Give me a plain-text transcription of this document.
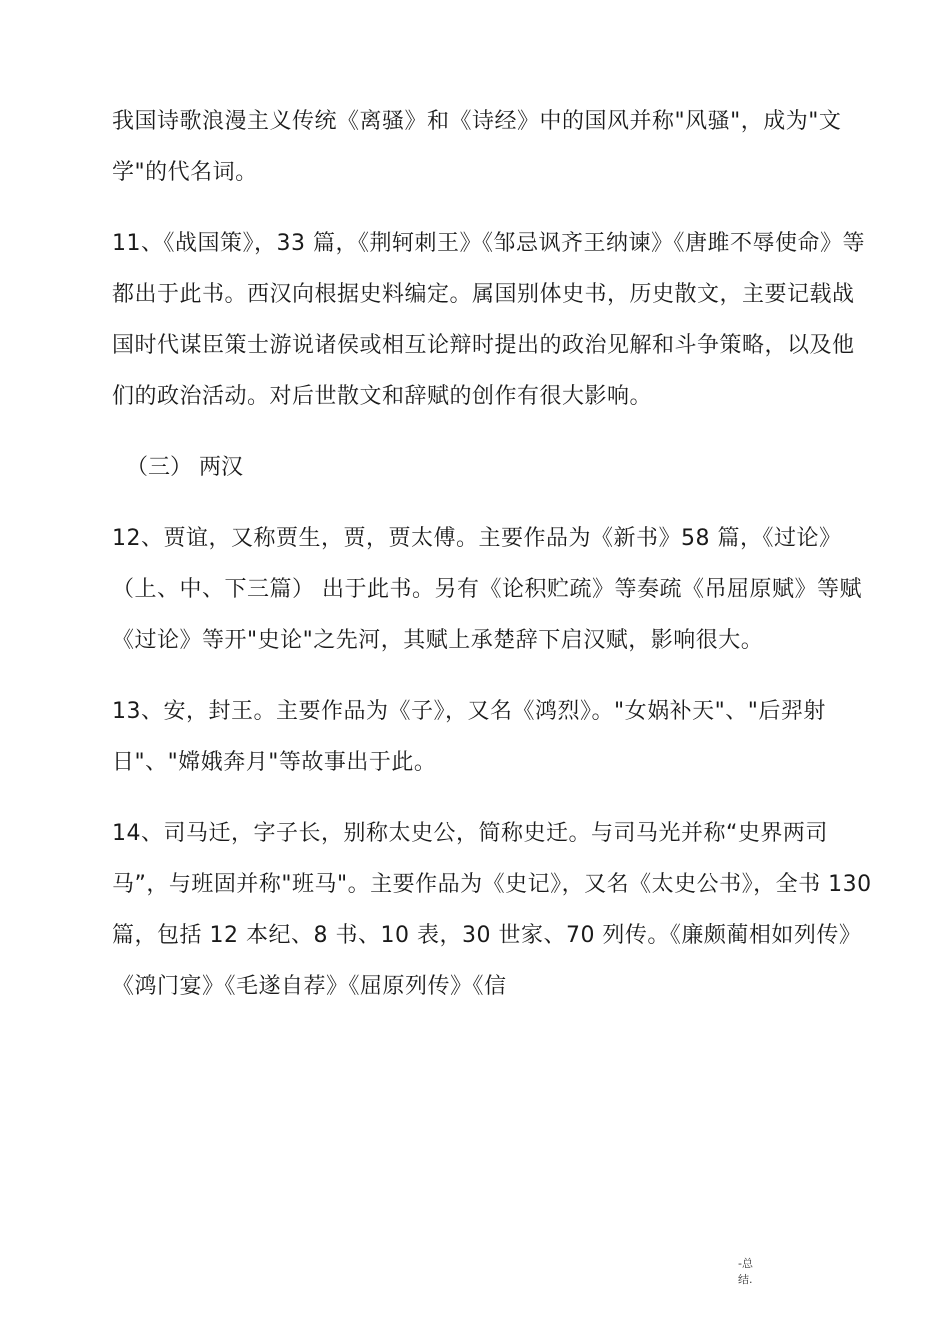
我国诗歌浪漫主义传统《离骚》和《诗经》中的国风并称"风骚"，成为"文学"的代名词。

11、《战国策》，33 篇，《荆轲刺王》《邹忌讽齐王纳谏》《唐雎不辱使命》等都出于此书。西汉向根据史料编定。属国别体史书，历史散文，主要记载战国时代谋臣策士游说诸侯或相互论辩时提出的政治见解和斗争策略，以及他们的政治活动。对后世散文和辞赋的创作有很大影响。

（三） 两汉

12、贾谊，又称贾生，贾，贾太傅。主要作品为《新书》58 篇，《过论》（上、中、下三篇） 出于此书。另有《论积贮疏》等奏疏《吊屈原赋》等赋《过论》等开"史论"之先河，其赋上承楚辞下启汉赋，影响很大。

13、安，封王。主要作品为《子》，又名《鸿烈》。"女娲补天"、"后羿射日"、"嫦娥奔月"等故事出于此。

14、司马迁，字子长，别称太史公，简称史迁。与司马光并称“史界两司马”，与班固并称"班马"。主要作品为《史记》，又名《太史公书》，全书 130 篇，包括 12 本纪、8 书、10 表，30 世家、70 列传。《廉颇蔺相如列传》《鸿门宴》《毛遂自荐》《屈原列传》《信

-总
结.
